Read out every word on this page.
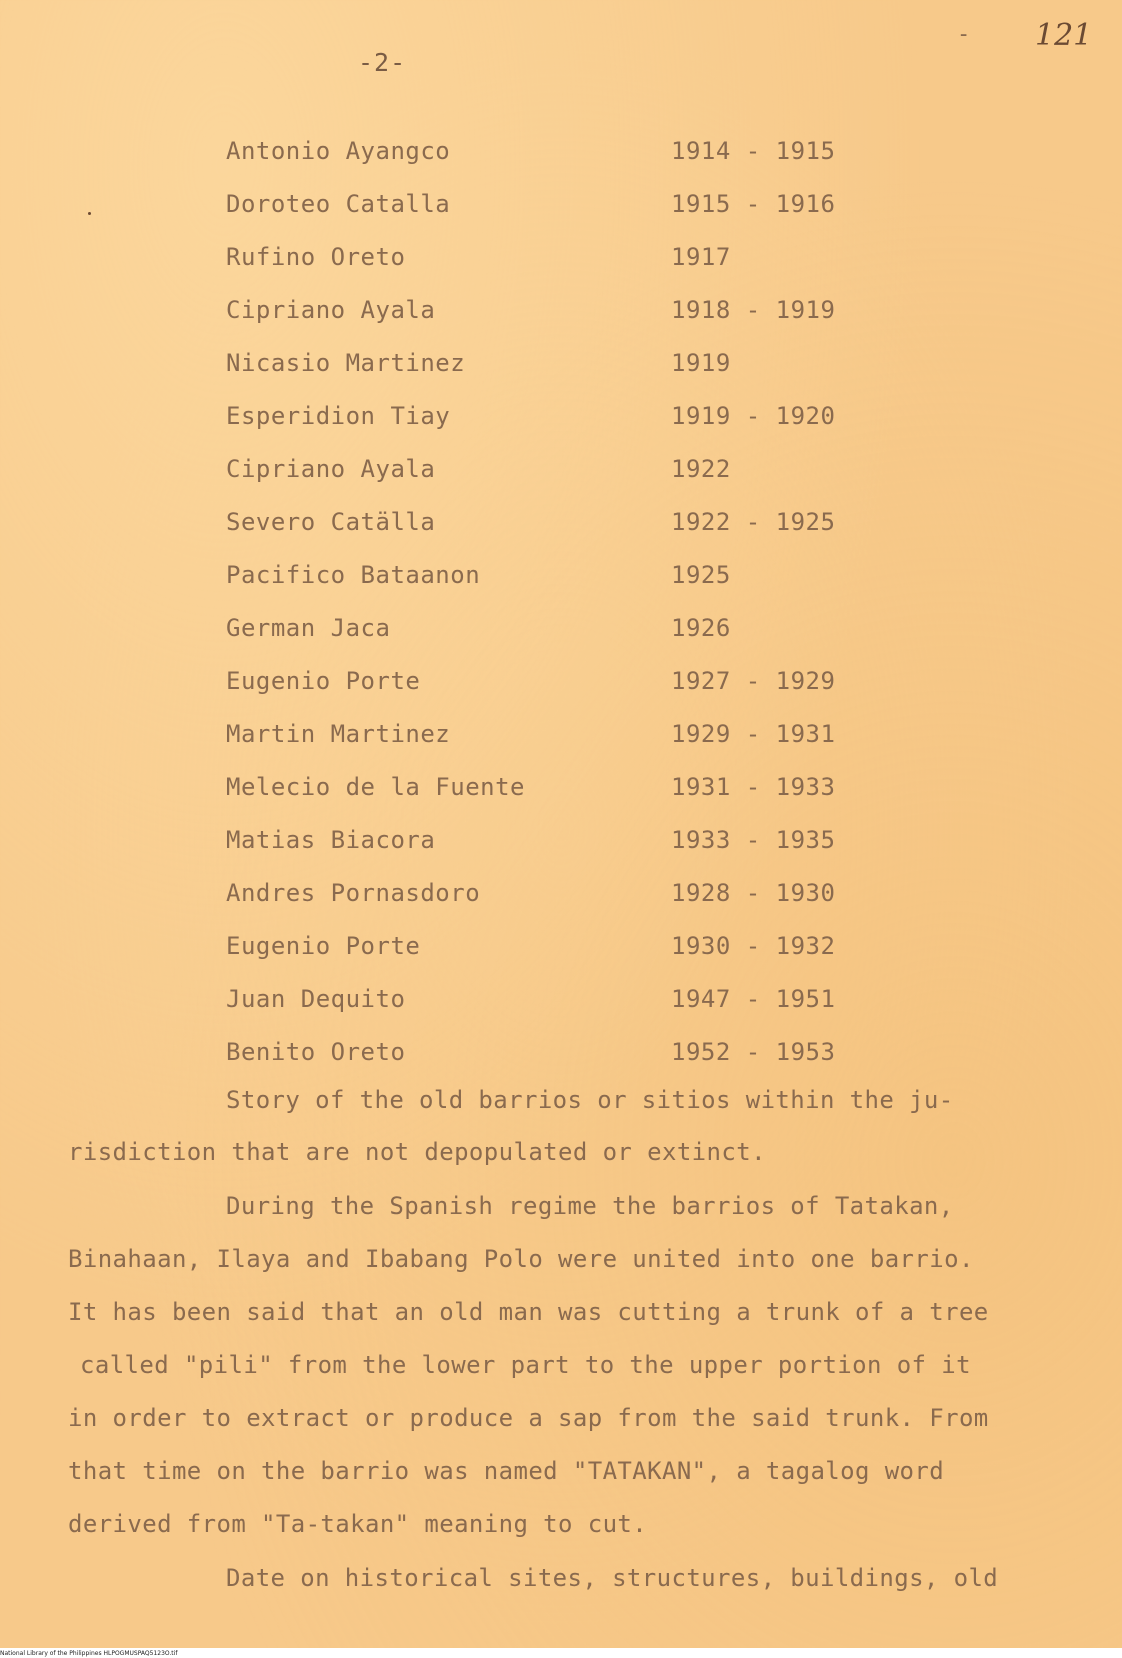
-2-
- 121
Antonio Ayangco	1914 - 1915
Doroteo Catalla	1915 - 1916
Rufino Oreto	1917
Cipriano Ayala	1918 - 1919
Nicasio Martinez	1919
Esperidion Tiay	1919 - 1920
Cipriano Ayala	1922
Severo Catälla	1922 - 1925
Pacifico Bataanon	1925
German Jaca	1926
Eugenio Porte	1927 - 1929
Martin Martinez	1929 - 1931
Melecio de la Fuente	1931 - 1933
Matias Biacora	1933 - 1935
Andres Pornasdoro	1928 - 1930
Eugenio Porte	1930 - 1932
Juan Dequito	1947 - 1951
Benito Oreto	1952 - 1953
Story of the old barrios or sitios within the ju-
risdiction that are not depopulated or extinct.
During the Spanish regime the barrios of Tatakan,
Binahaan, Ilaya and Ibabang Polo were united into one barrio.
It has been said that an old man was cutting a trunk of a tree
called "pili" from the lower part to the upper portion of it
in order to extract or produce a sap from the said trunk. From
that time on the barrio was named "TATAKAN", a tagalog word
derived from "Ta-takan" meaning to cut.
Date on historical sites, structures, buildings, old
National Library of the Philippines HLPOGMUSPAQ5123O.tif
